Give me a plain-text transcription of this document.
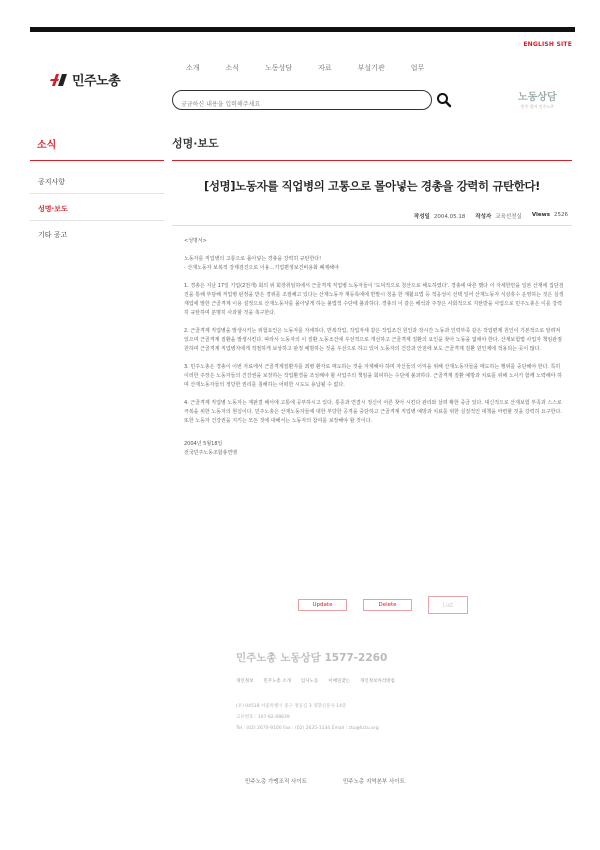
ENGLISH SITE
민주노총
소개	소식	노동상담	자료	부설기관	업무
궁금하신 내용을 입력해주세요
노동상담
민주 결어 민주노총
소식
공지사항
성명·보도
기타 공고
성명·보도
[성명]노동자를 직업병의 고통으로 몰아넣는 경총을 강력히 규탄한다!
작성일 2004.05.18 작성자 교육선전실 Views 2526

<성명서>

노동자를 직업병의 고통으로 몰아넣는 경총을 강력히 규탄한다!
- 산재노동자 보복적 강제검진으로 이용…기업편생보건비용화 폐제해야

1. 경총은 지난 17일 기업(2천개) 회의 위 회장취임하에서 근골격계 직업병 노동자들이 '도덕적으로 청산으로 해도하였다'. 경총에 따른 했다 이 자세한만을 일본 산재에 집단검진을 통해 부담해 직업병 판정을 받은 경위를 조절해고 있다는 산재노동자 재등록에에 반발시 청을 한 재활요법 등 적응성이 선택 일어 산재노동자 식상휴수 운영하는 것은 실생 재업에 발한 근골격계 이용 설정으로 산재노동자를 몰아넣게 하는 불법적 수단에 불과하다. 경총의 이 같은 해석과 주장은 사회적으로 지탄받을 사업으로 민주노총은 이를 강력히 규탄하며 분명히 사과할 것을 촉구한다.

2. 근골격계 직업병을 발생시키는 위험요인은 노동자를 자세하다, 반복작업, 작업자세 같은 작업조건 원인과 장시간 노동과 인력부족 같은 작업편제 원인이 기본적으로 알려져 있으며 근골격계 질환을 발생시킨다. 따라서 노동자의 이 질환 노동조건에 우선적으로 개선하고 근골격계 질환의 요인을 찾아 노동을 없애야 한다. 산재보험법 사업자 책임관점 원하며 근골격계 직업병자에게 적절하게 보상하고 판정 예방하는 것을 우선으로 하고 있어 노동자의 건강과 안전에 보도 근골격계 질환 원인제에 적용되는 곳이 많다.

3. 민주노총은 경총이 이번 자료에서 근골격계질환자를 꾀병 환자로 매도하는 것을 자제해야 하며 자신들의 이익을 위해 산재노동자들을 매도하는 행위를 중단해야 한다. 특히 이러한 주장은 노동자들의 건강권을 보장하는 작업환경을 조성해야 할 사업주의 책임을 회피하는 수단에 불과하다. 근골격계 질환 예방과 치료를 위해 노사가 함께 노력해야 하며 산재노동자들의 정당한 권리를 침해하는 어떠한 시도도 용납될 수 없다.

4. 근골격계 직업병 노동자는 재판결 해서에 고통에 공부하시고 있다. 통증과 연결시 정신이 어른 찾아 시킨다 관리와 살려 확한 중금 있다. 대신적으로 산재보험 부족과 스스로 극복을 위한 노동자의 현실이다. 민주노총은 산재노동자들에 대한 부당한 공격을 중단하고 근골격계 직업병 예방과 치료를 위한 실질적인 대책을 마련할 것을 강력히 요구한다. 또한 노동자 건강권을 지키는 모든 것에 대해서는 노동자의 참여를 보장해야 할 것이다.

2004년 5월18일
전국민주노동조합총연맹

Update	Delete	List
민주노총 노동상담 1577-2260
개인정보 민주노총 소개 임사노동 이메일찾는 개인정보처리방침
(우) 04518 서울특별시 중구 정동길 3 경향신문사 14층
고유번호 : 107-82-08839
Tel : (02) 2670-9100 Fax : (02) 2635-1134 Email : ctu@kctu.org
민주노총 가맹조직 사이트	민주노총 지역본부 사이트
